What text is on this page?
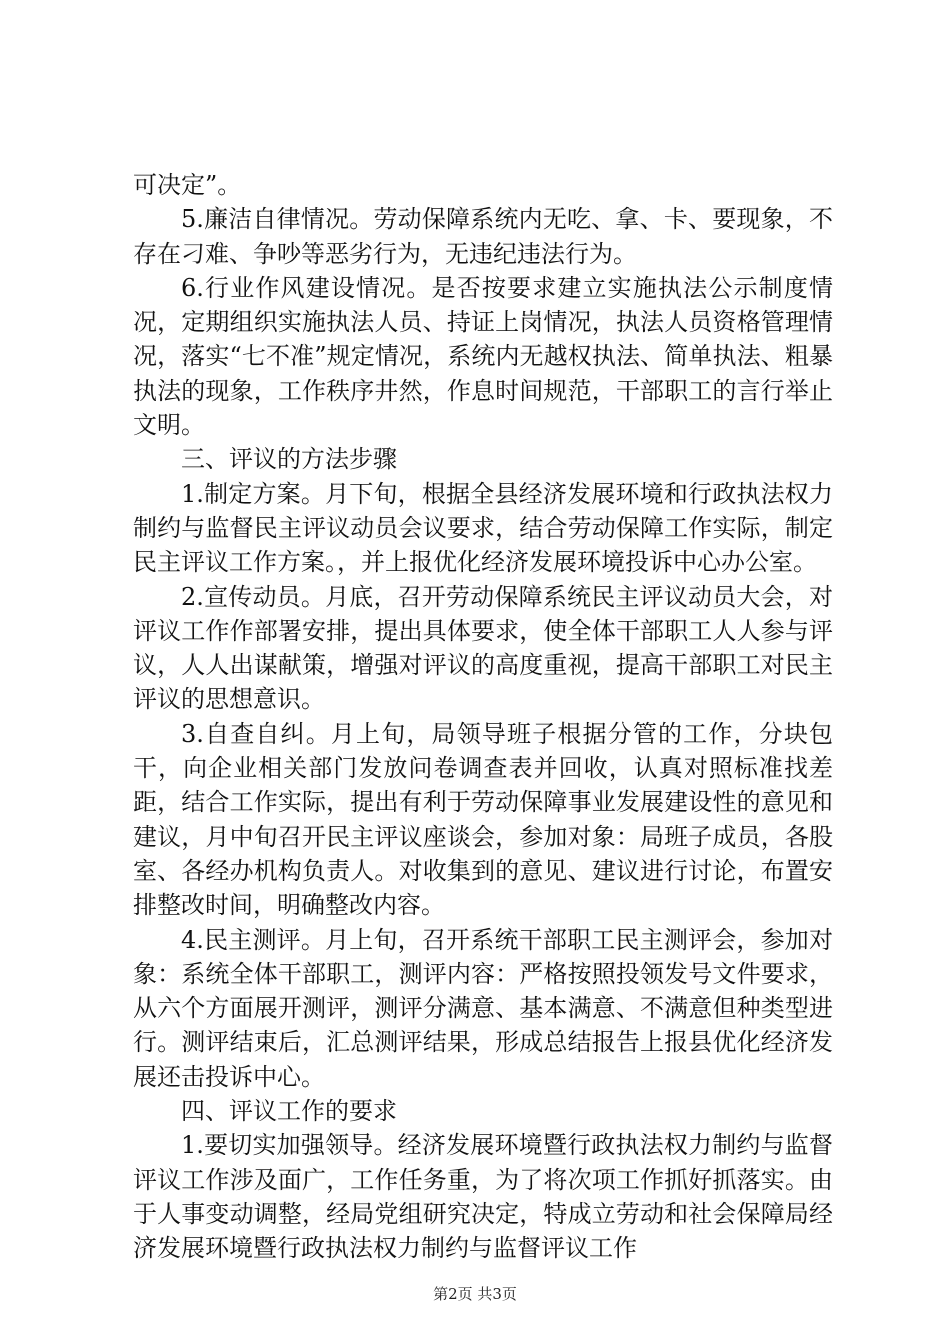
可决定”。

5.廉洁自律情况。劳动保障系统内无吃、拿、卡、要现象，不存在刁难、争吵等恶劣行为，无违纪违法行为。

6.行业作风建设情况。是否按要求建立实施执法公示制度情况，定期组织实施执法人员、持证上岗情况，执法人员资格管理情况，落实“七不准”规定情况，系统内无越权执法、简单执法、粗暴执法的现象，工作秩序井然，作息时间规范，干部职工的言行举止文明。

三、评议的方法步骤

1.制定方案。月下旬，根据全县经济发展环境和行政执法权力制约与监督民主评议动员会议要求，结合劳动保障工作实际，制定民主评议工作方案。，并上报优化经济发展环境投诉中心办公室。

2.宣传动员。月底，召开劳动保障系统民主评议动员大会，对评议工作作部署安排，提出具体要求，使全体干部职工人人参与评议，人人出谋献策，增强对评议的高度重视，提高干部职工对民主评议的思想意识。

3.自查自纠。月上旬，局领导班子根据分管的工作，分块包干，向企业相关部门发放问卷调查表并回收，认真对照标准找差距，结合工作实际，提出有利于劳动保障事业发展建设性的意见和建议，月中旬召开民主评议座谈会，参加对象：局班子成员，各股室、各经办机构负责人。对收集到的意见、建议进行讨论，布置安排整改时间，明确整改内容。

4.民主测评。月上旬，召开系统干部职工民主测评会，参加对象：系统全体干部职工，测评内容：严格按照投领发号文件要求，从六个方面展开测评，测评分满意、基本满意、不满意但种类型进行。测评结束后，汇总测评结果，形成总结报告上报县优化经济发展还击投诉中心。

四、评议工作的要求

1.要切实加强领导。经济发展环境暨行政执法权力制约与监督评议工作涉及面广，工作任务重，为了将次项工作抓好抓落实。由于人事变动调整，经局党组研究决定，特成立劳动和社会保障局经济发展环境暨行政执法权力制约与监督评议工作

第2页 共3页
